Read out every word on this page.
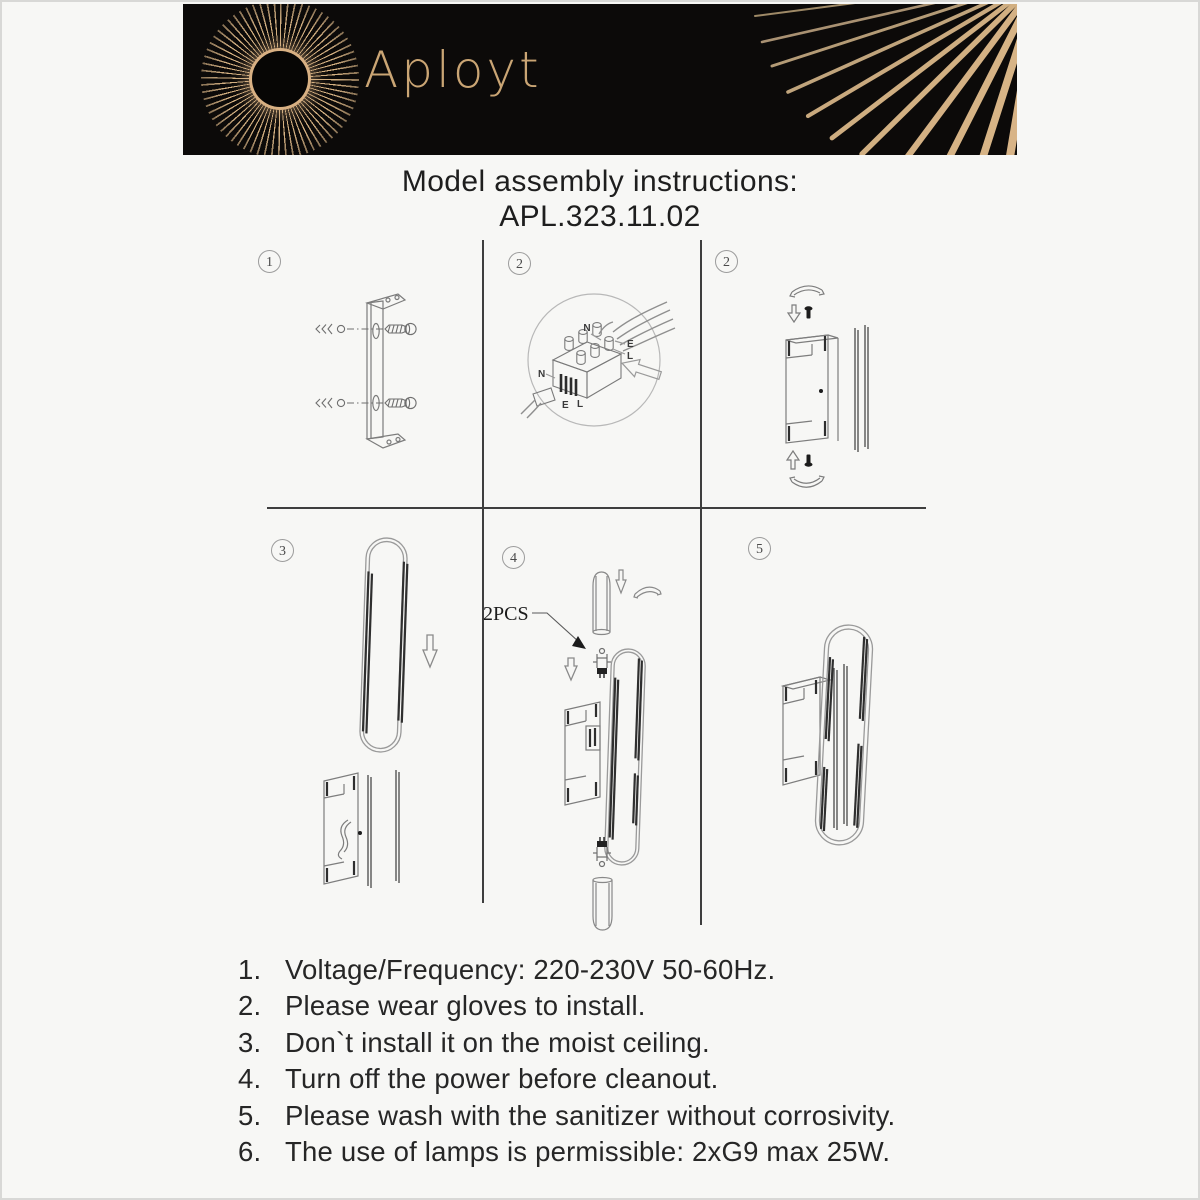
Aployt
Model assembly instructions:
APL.323.11.02
1	2	2
3	4
5
N
E
L
N
E L
2PCS
1. Voltage/Frequency: 220-230V 50-60Hz.
2. Please wear gloves to install.
3. Don`t install it on the moist ceiling.
4. Turn off the power before cleanout.
5. Please wash with the sanitizer without corrosivity.
6. The use of lamps is permissible: 2xG9 max 25W.
